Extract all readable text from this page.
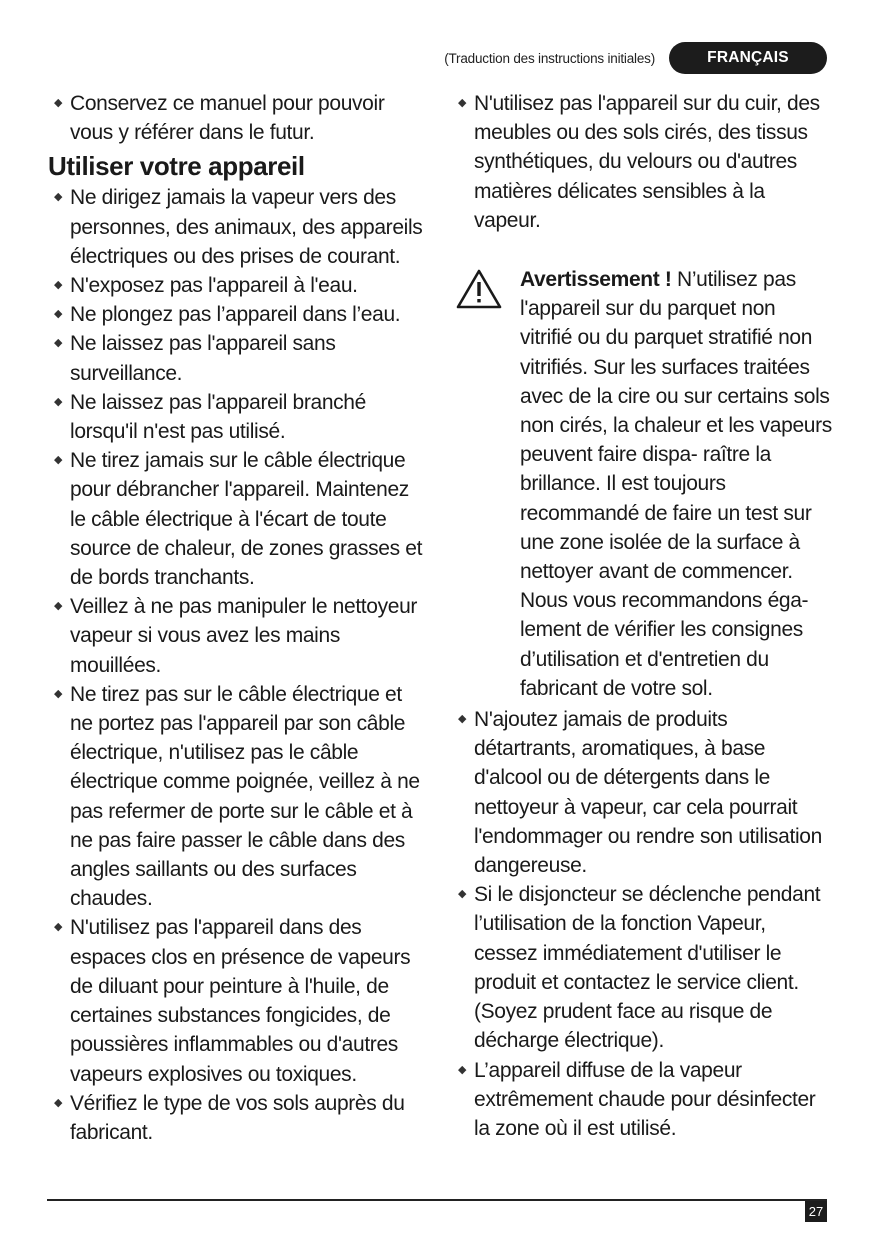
(Traduction des instructions initiales)	FRANÇAIS
◆ Conservez ce manuel pour pouvoir vous y référer dans le futur.
Utiliser votre appareil
◆ Ne dirigez jamais la vapeur vers des personnes, des animaux, des appareils électriques ou des prises de courant.
◆ N'exposez pas l'appareil à l'eau.
◆ Ne plongez pas l’appareil dans l’eau.
◆ Ne laissez pas l'appareil sans surveillance.
◆ Ne laissez pas l'appareil branché lorsqu'il n'est pas utilisé.
◆ Ne tirez jamais sur le câble électrique pour débrancher l'appareil. Maintenez le câble électrique à l'écart de toute source de chaleur, de zones grasses et de bords tranchants.
◆ Veillez à ne pas manipuler le nettoyeur vapeur si vous avez les mains mouillées.
◆ Ne tirez pas sur le câble électrique et ne portez pas l'appareil par son câble électrique, n'utilisez pas le câble électrique comme poignée, veillez à ne pas refermer de porte sur le câble et à ne pas faire passer le câble dans des angles saillants ou des surfaces chaudes.
◆ N'utilisez pas l'appareil dans des espaces clos en présence de vapeurs de diluant pour peinture à l'huile, de certaines substances fongicides, de poussières inflammables ou d'autres vapeurs explosives ou toxiques.
◆ Vérifiez le type de vos sols auprès du fabricant.
◆ N'utilisez pas l'appareil sur du cuir, des meubles ou des sols cirés, des tissus synthétiques, du velours ou d'autres matières délicates sensibles à la vapeur.
Avertissement ! N’utilisez pas l'appareil sur du parquet non vitrifié ou du parquet stratifié non vitrifiés. Sur les surfaces traitées avec de la cire ou sur certains sols non cirés, la chaleur et les vapeurs peuvent faire dispa- raître la brillance. Il est toujours recommandé de faire un test sur une zone isolée de la surface à nettoyer avant de commencer. Nous vous recommandons éga- lement de vérifier les consignes d’utilisation et d'entretien du fabricant de votre sol.
◆ N'ajoutez jamais de produits détartrants, aromatiques, à base d'alcool ou de détergents dans le nettoyeur à vapeur, car cela pourrait l'endommager ou rendre son utilisation dangereuse.
◆ Si le disjoncteur se déclenche pendant l’utilisation de la fonction Vapeur, cessez immédiatement d'utiliser le produit et contactez le service client. (Soyez prudent face au risque de décharge électrique).
◆ L’appareil diffuse de la vapeur extrêmement chaude pour désinfecter la zone où il est utilisé.
27
